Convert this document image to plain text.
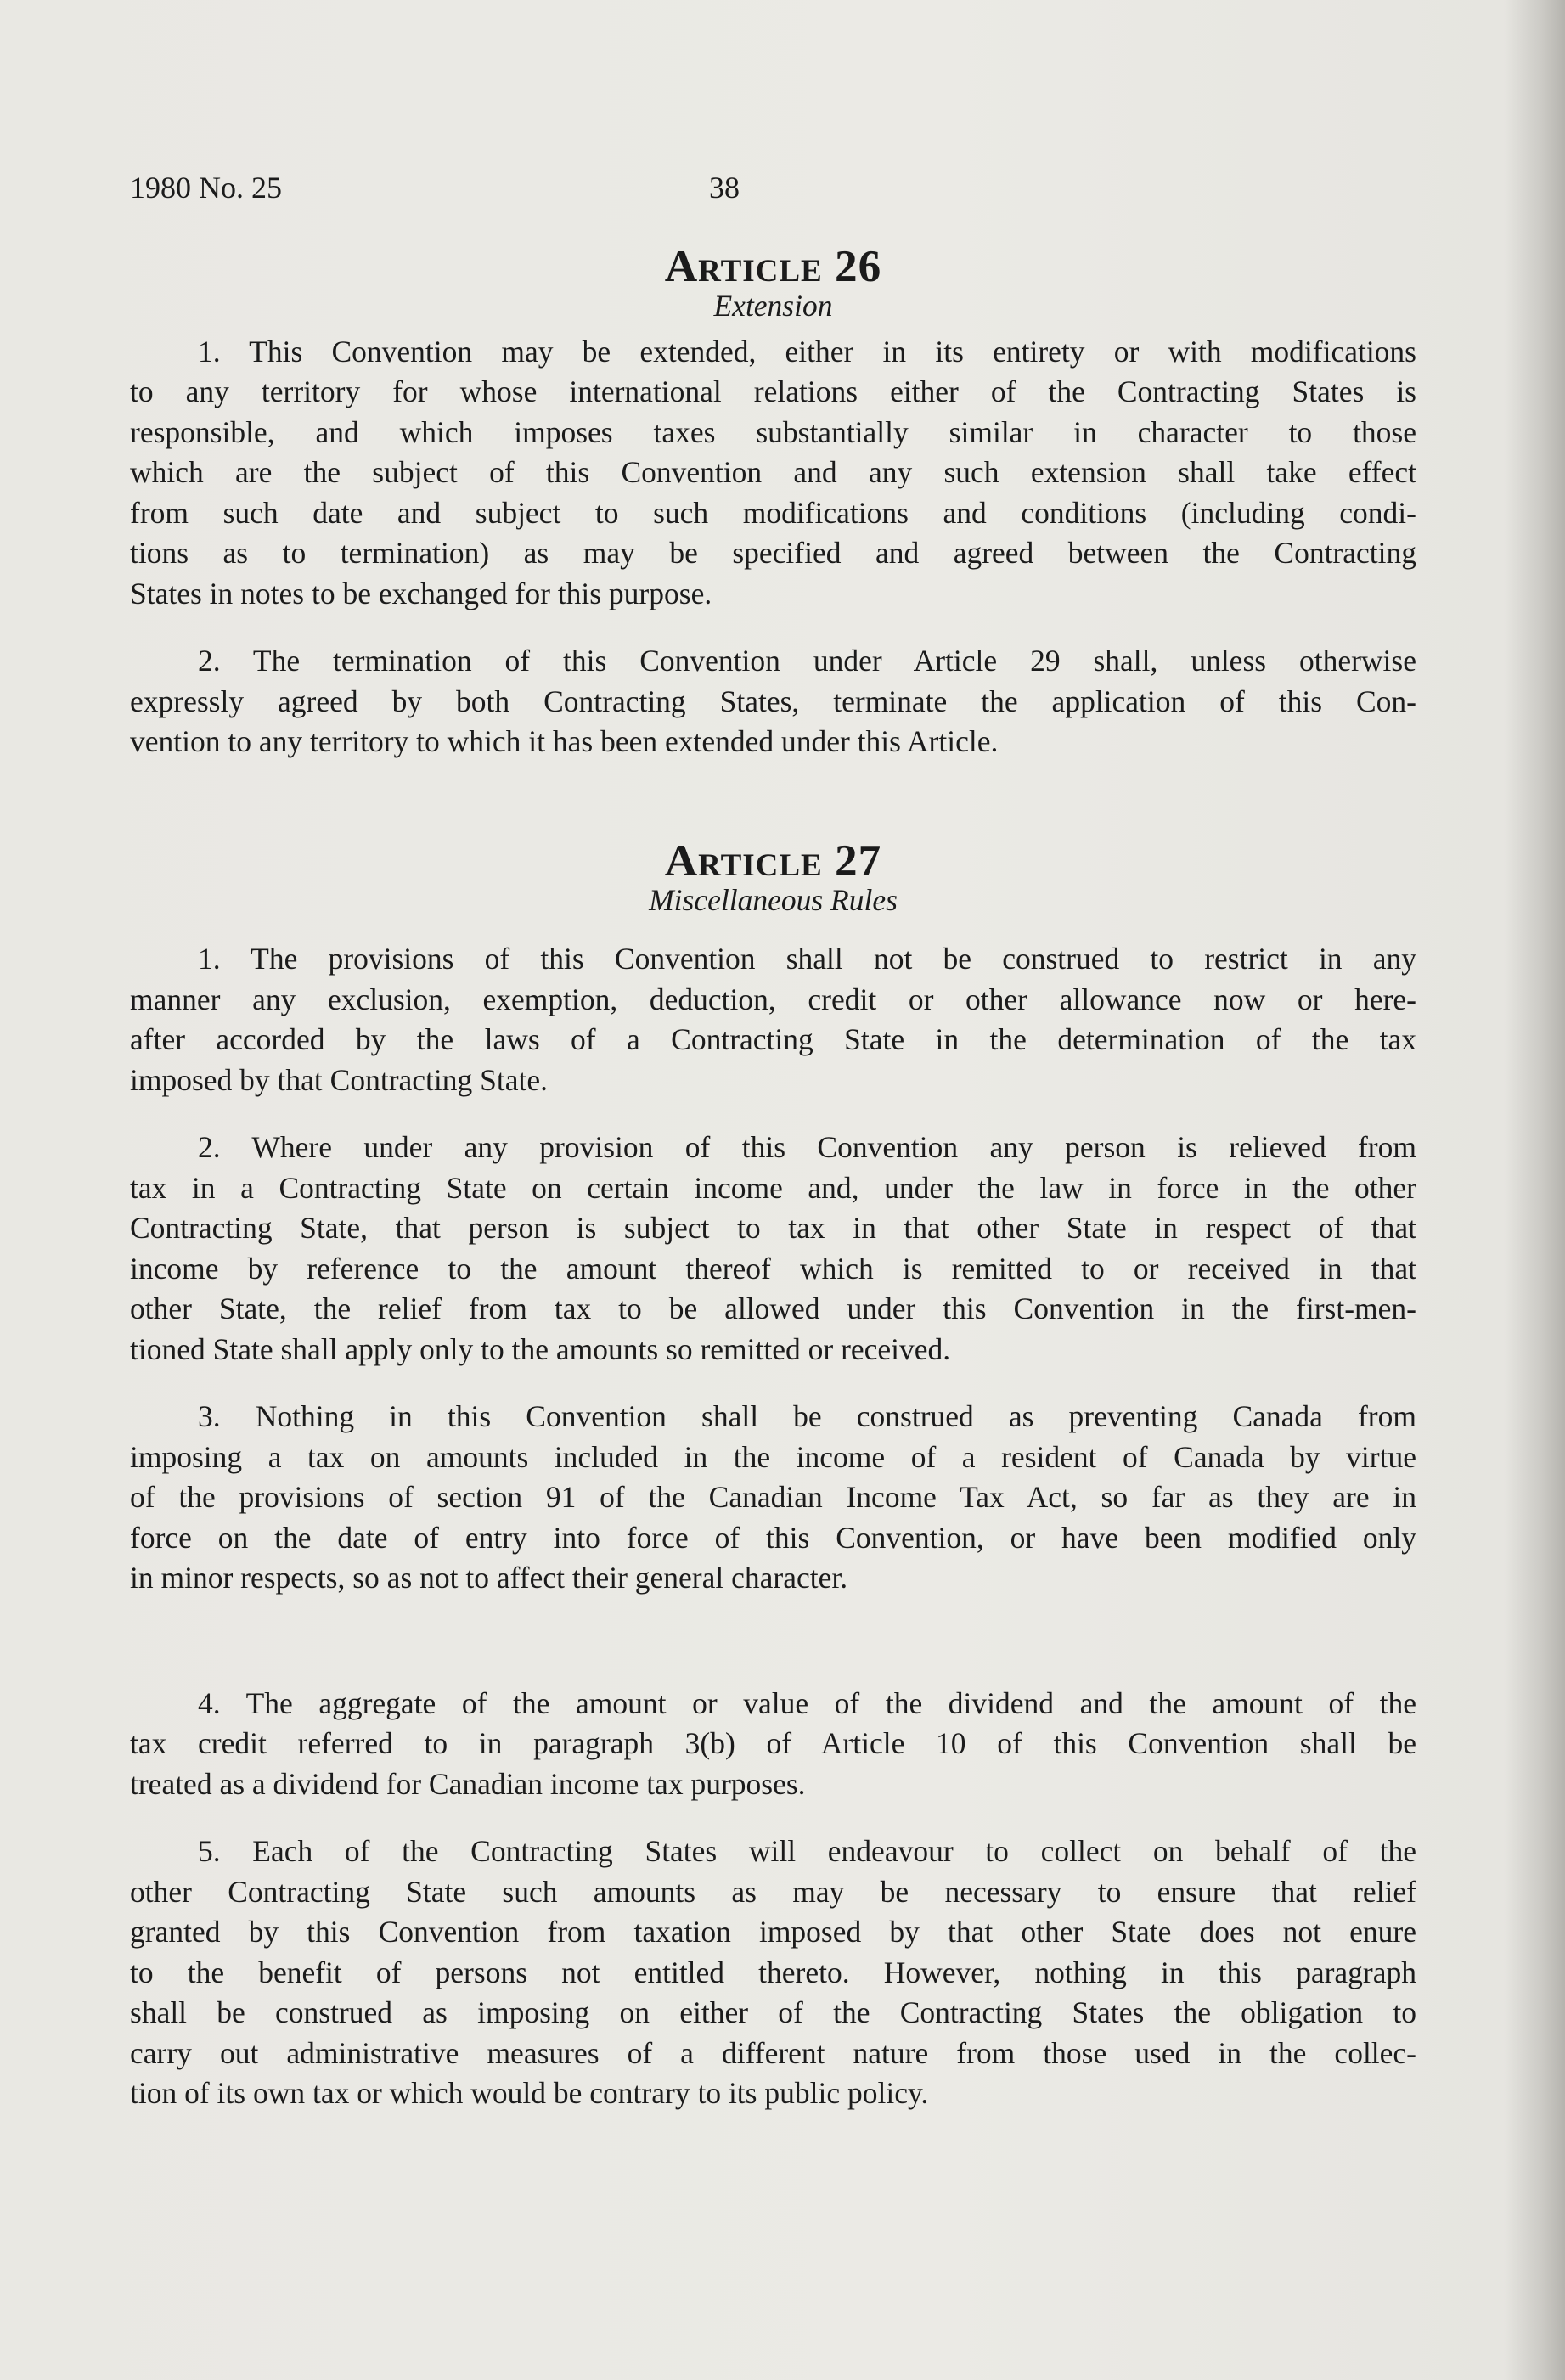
1980 No. 25	38
Article 26

Extension

1. This Convention may be extended, either in its entirety or with modifications
to any territory for whose international relations either of the Contracting States is
responsible, and which imposes taxes substantially similar in character to those
which are the subject of this Convention and any such extension shall take effect
from such date and subject to such modifications and conditions (including condi-
tions as to termination) as may be specified and agreed between the Contracting
States in notes to be exchanged for this purpose.

2. The termination of this Convention under Article 29 shall, unless otherwise
expressly agreed by both Contracting States, terminate the application of this Con-
vention to any territory to which it has been extended under this Article.

Article 27

Miscellaneous Rules

1. The provisions of this Convention shall not be construed to restrict in any
manner any exclusion, exemption, deduction, credit or other allowance now or here-
after accorded by the laws of a Contracting State in the determination of the tax
imposed by that Contracting State.

2. Where under any provision of this Convention any person is relieved from
tax in a Contracting State on certain income and, under the law in force in the other
Contracting State, that person is subject to tax in that other State in respect of that
income by reference to the amount thereof which is remitted to or received in that
other State, the relief from tax to be allowed under this Convention in the first-men-
tioned State shall apply only to the amounts so remitted or received.

3. Nothing in this Convention shall be construed as preventing Canada from
imposing a tax on amounts included in the income of a resident of Canada by virtue
of the provisions of section 91 of the Canadian Income Tax Act, so far as they are in
force on the date of entry into force of this Convention, or have been modified only
in minor respects, so as not to affect their general character.

4. The aggregate of the amount or value of the dividend and the amount of the
tax credit referred to in paragraph 3(b) of Article 10 of this Convention shall be
treated as a dividend for Canadian income tax purposes.

5. Each of the Contracting States will endeavour to collect on behalf of the
other Contracting State such amounts as may be necessary to ensure that relief
granted by this Convention from taxation imposed by that other State does not enure
to the benefit of persons not entitled thereto. However, nothing in this paragraph
shall be construed as imposing on either of the Contracting States the obligation to
carry out administrative measures of a different nature from those used in the collec-
tion of its own tax or which would be contrary to its public policy.
